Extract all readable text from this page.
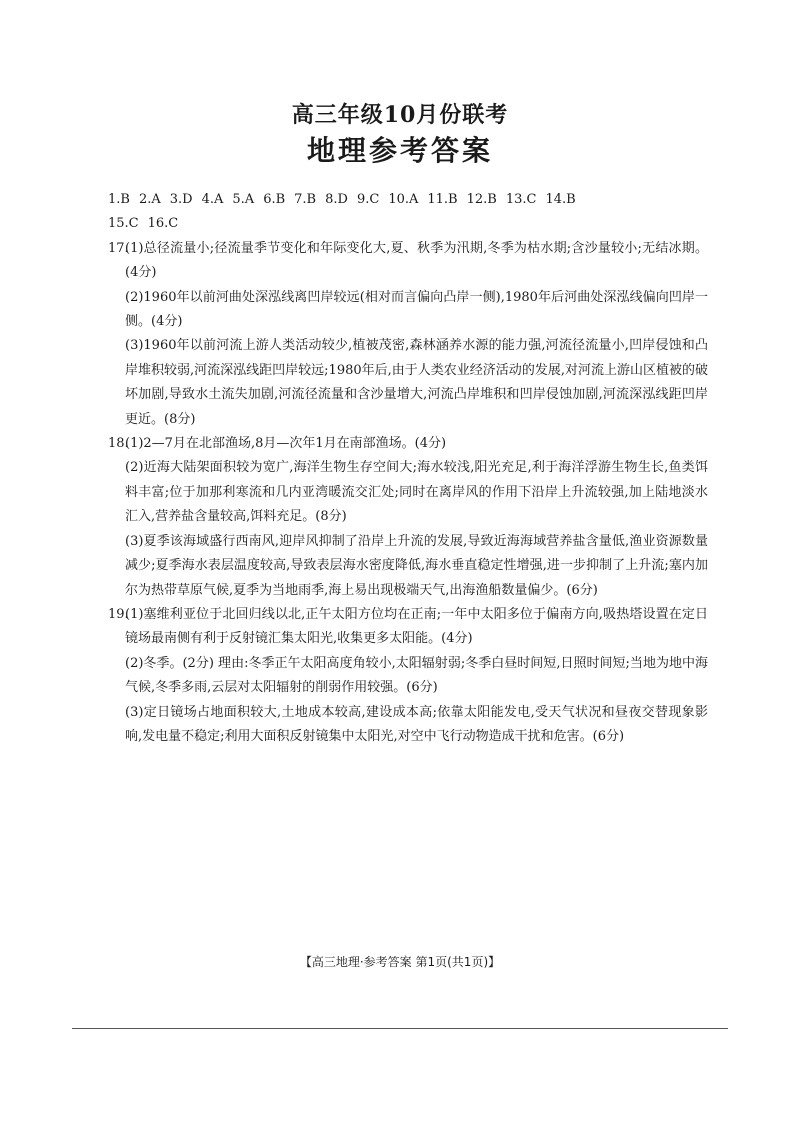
高三年级10月份联考
地理参考答案
1.B 2.A 3.D 4.A 5.A 6.B 7.B 8.D 9.C 10.A 11.B 12.B 13.C 14.B
15.C 16.C
17.

(1)总径流量小;径流量季节变化和年际变化大,夏、秋季为汛期,冬季为枯水期;含沙量较小;无结冰期。(4分)

(2)1960年以前河曲处深泓线离凹岸较远(相对而言偏向凸岸一侧),1980年后河曲处深泓线偏向凹岸一侧。(4分)

(3)1960年以前河流上游人类活动较少,植被茂密,森林涵养水源的能力强,河流径流量小,凹岸侵蚀和凸岸堆积较弱,河流深泓线距凹岸较远;1980年后,由于人类农业经济活动的发展,对河流上游山区植被的破坏加剧,导致水土流失加剧,河流径流量和含沙量增大,河流凸岸堆积和凹岸侵蚀加剧,河流深泓线距凹岸更近。(8分)

18.

(1)2—7月在北部渔场,8月—次年1月在南部渔场。(4分)

(2)近海大陆架面积较为宽广,海洋生物生存空间大;海水较浅,阳光充足,利于海洋浮游生物生长,鱼类饵料丰富;位于加那利寒流和几内亚湾暖流交汇处;同时在离岸风的作用下沿岸上升流较强,加上陆地淡水汇入,营养盐含量较高,饵料充足。(8分)

(3)夏季该海域盛行西南风,迎岸风抑制了沿岸上升流的发展,导致近海海域营养盐含量低,渔业资源数量减少;夏季海水表层温度较高,导致表层海水密度降低,海水垂直稳定性增强,进一步抑制了上升流;塞内加尔为热带草原气候,夏季为当地雨季,海上易出现极端天气,出海渔船数量偏少。(6分)

19.

(1)塞维利亚位于北回归线以北,正午太阳方位均在正南;一年中太阳多位于偏南方向,吸热塔设置在定日镜场最南侧有利于反射镜汇集太阳光,收集更多太阳能。(4分)

(2)冬季。(2分) 理由:冬季正午太阳高度角较小,太阳辐射弱;冬季白昼时间短,日照时间短;当地为地中海气候,冬季多雨,云层对太阳辐射的削弱作用较强。(6分)

(3)定日镜场占地面积较大,土地成本较高,建设成本高;依靠太阳能发电,受天气状况和昼夜交替现象影响,发电量不稳定;利用大面积反射镜集中太阳光,对空中飞行动物造成干扰和危害。(6分)

【高三地理·参考答案 第1页(共1页)】
